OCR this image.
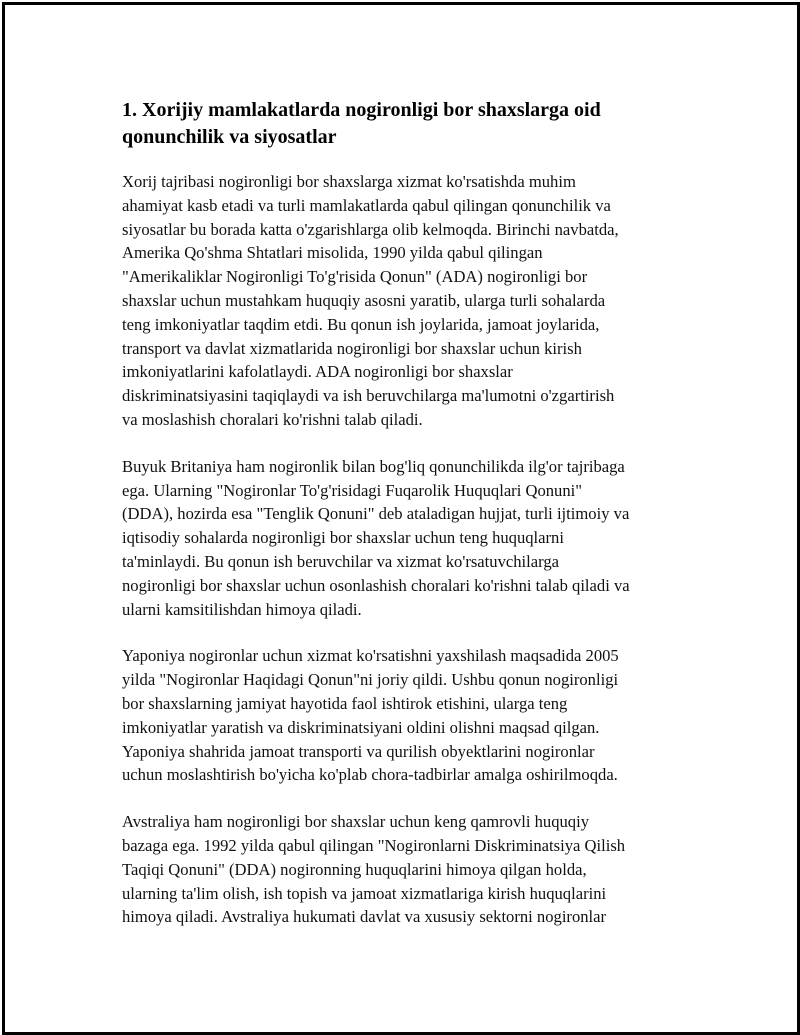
1. Xorijiy mamlakatlarda nogironligi bor shaxslarga oid
qonunchilik va siyosatlar

Xorij tajribasi nogironligi bor shaxslarga xizmat ko'rsatishda muhim
ahamiyat kasb etadi va turli mamlakatlarda qabul qilingan qonunchilik va
siyosatlar bu borada katta o'zgarishlarga olib kelmoqda. Birinchi navbatda,
Amerika Qo'shma Shtatlari misolida, 1990 yilda qabul qilingan
"Amerikaliklar Nogironligi To'g'risida Qonun" (ADA) nogironligi bor
shaxslar uchun mustahkam huquqiy asosni yaratib, ularga turli sohalarda
teng imkoniyatlar taqdim etdi. Bu qonun ish joylarida, jamoat joylarida,
transport va davlat xizmatlarida nogironligi bor shaxslar uchun kirish
imkoniyatlarini kafolatlaydi. ADA nogironligi bor shaxslar
diskriminatsiyasini taqiqlaydi va ish beruvchilarga ma'lumotni o'zgartirish
va moslashish choralari ko'rishni talab qiladi.

Buyuk Britaniya ham nogironlik bilan bog'liq qonunchilikda ilg'or tajribaga
ega. Ularning "Nogironlar To'g'risidagi Fuqarolik Huquqlari Qonuni"
(DDA), hozirda esa "Tenglik Qonuni" deb ataladigan hujjat, turli ijtimoiy va
iqtisodiy sohalarda nogironligi bor shaxslar uchun teng huquqlarni
ta'minlaydi. Bu qonun ish beruvchilar va xizmat ko'rsatuvchilarga
nogironligi bor shaxslar uchun osonlashish choralari ko'rishni talab qiladi va
ularni kamsitilishdan himoya qiladi.

Yaponiya nogironlar uchun xizmat ko'rsatishni yaxshilash maqsadida 2005
yilda "Nogironlar Haqidagi Qonun"ni joriy qildi. Ushbu qonun nogironligi
bor shaxslarning jamiyat hayotida faol ishtirok etishini, ularga teng
imkoniyatlar yaratish va diskriminatsiyani oldini olishni maqsad qilgan.
Yaponiya shahrida jamoat transporti va qurilish obyektlarini nogironlar
uchun moslashtirish bo'yicha ko'plab chora-tadbirlar amalga oshirilmoqda.

Avstraliya ham nogironligi bor shaxslar uchun keng qamrovli huquqiy
bazaga ega. 1992 yilda qabul qilingan "Nogironlarni Diskriminatsiya Qilish
Taqiqi Qonuni" (DDA) nogironning huquqlarini himoya qilgan holda,
ularning ta'lim olish, ish topish va jamoat xizmatlariga kirish huquqlarini
himoya qiladi. Avstraliya hukumati davlat va xususiy sektorni nogironlar
